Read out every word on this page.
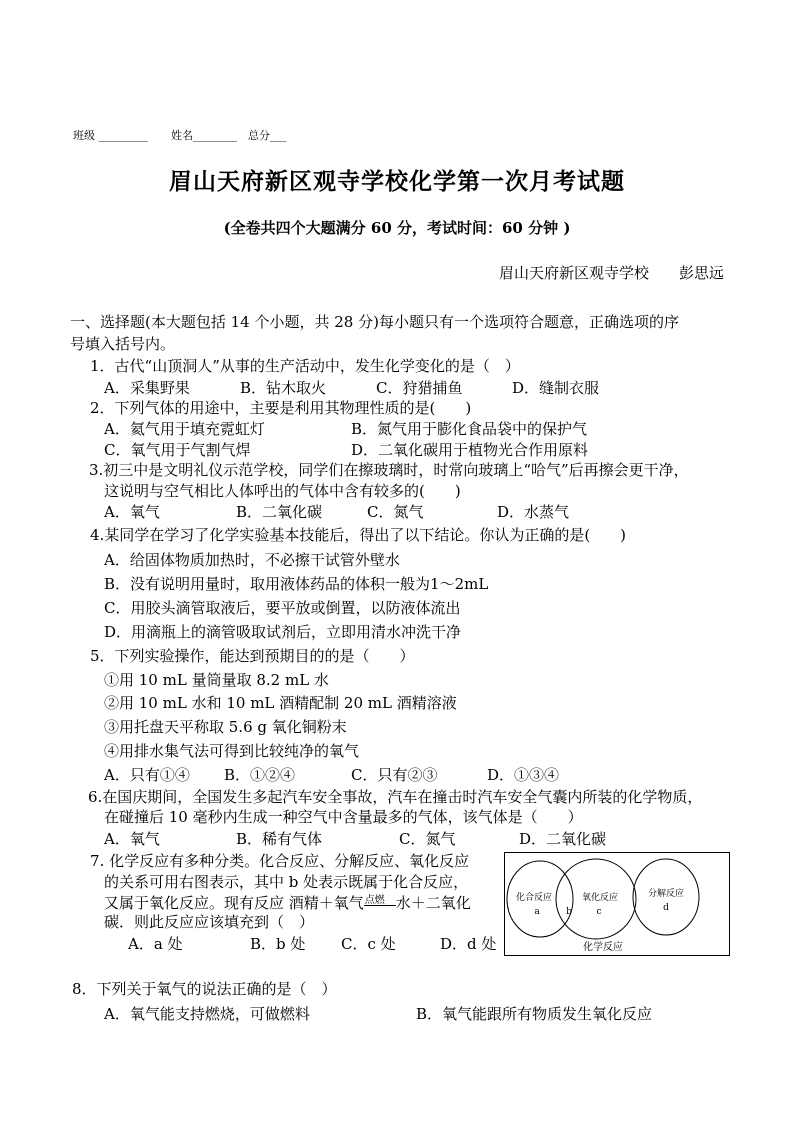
班级 _________ 姓名________ 总分___
眉山天府新区观寺学校化学第一次月考试题
(全卷共四个大题满分 60 分，考试时间：60 分钟 )
眉山天府新区观寺学校　　彭思远
一、选择题(本大题包括 14 个小题，共 28 分)每小题只有一个选项符合题意，正确选项的序
号填入括号内。
1．古代“山顶洞人”从事的生产活动中，发生化学变化的是（　）
A．采集野果	B．钻木取火	C．狩猎捕鱼	D．缝制衣服
2．下列气体的用途中，主要是利用其物理性质的是(　　)
A．氦气用于填充霓虹灯	B．氮气用于膨化食品袋中的保护气
C．氧气用于气割气焊	D．二氧化碳用于植物光合作用原料
3.初三中是文明礼仪示范学校，同学们在擦玻璃时，时常向玻璃上“哈气”后再擦会更干净，
这说明与空气相比人体呼出的气体中含有较多的(　　)
A．氧气	B．二氧化碳	C．氮气	D．水蒸气
4.某同学在学习了化学实验基本技能后，得出了以下结论。你认为正确的是(　　)
A．给固体物质加热时，不必擦干试管外壁水
B．没有说明用量时，取用液体药品的体积一般为1～2mL
C．用胶头滴管取液后，要平放或倒置，以防液体流出
D．用滴瓶上的滴管吸取试剂后，立即用清水冲洗干净
5．下列实验操作，能达到预期目的的是（　　）
①用 10 mL 量筒量取 8.2 mL 水
②用 10 mL 水和 10 mL 酒精配制 20 mL 酒精溶液
③用托盘天平称取 5.6 g 氧化铜粉末
④用排水集气法可得到比较纯净的氧气
A．只有①④ B．①②④	C．只有②③	D．①③④
6.在国庆期间，全国发生多起汽车安全事故，汽车在撞击时汽车安全气囊内所装的化学物质，
在碰撞后 10 毫秒内生成一种空气中含量最多的气体，该气体是（　　）
A．氧气	B．稀有气体	C．氮气	D．二氧化碳
7. 化学反应有多种分类。化合反应、分解反应、氧化反应
的关系可用右图表示，其中 b 处表示既属于化合反应，
又属于氧化反应。现有反应 酒精＋氧气 点燃 水＋二氧化
碳．则此反应应该填充到（　）
A．a 处	B．b 处 C．c 处	D．d 处
化合反应
a	b
氧化反应
c
分解反应
d
化学反应
8．下列关于氧气的说法正确的是（　）
A．氧气能支持燃烧，可做燃料	B．氧气能跟所有物质发生氧化反应
